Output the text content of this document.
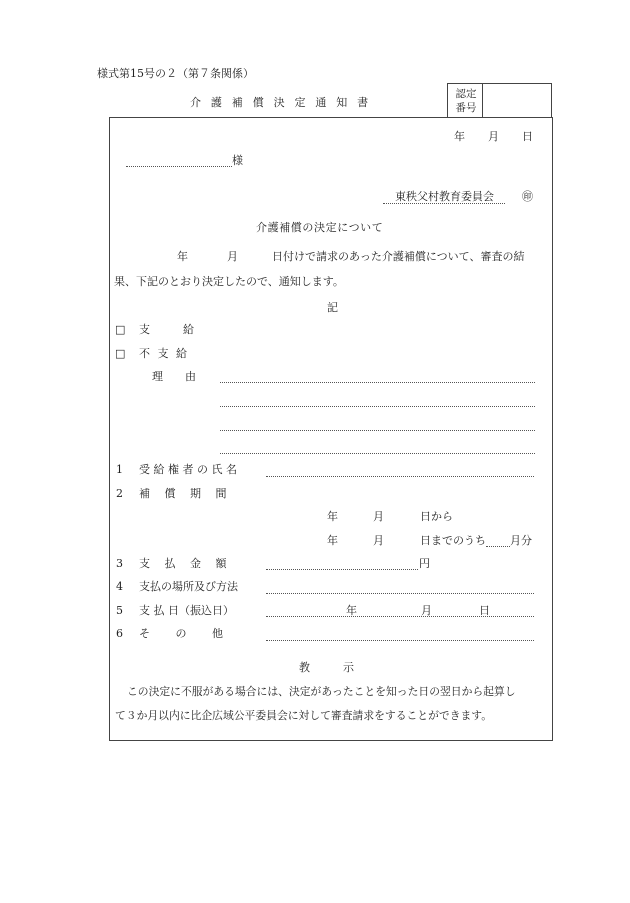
様式第15号の２（第７条関係）
介 護 補 償 決 定 通 知 書
認定
番号
年 月 日
様
東秩父村教育委員会	㊞
介護補償の決定について
年	月	日付けで請求のあった介護補償について、審査の結
果、下記のとおり決定したので、通知します。
記
□ 支　　　給
□ 不 支 給
理　　由
1 受 給 権 者 の 氏 名
2 補　 償　 期　 間
年	月	日から
年	月	日までのうち 月分
3 支　 払　 金　 額	円
4 支払の場所及び方法
5 支 払 日（振込日）	年	月	日
6 そ　　 の　　 他
教　　　示
この決定に不服がある場合には、決定があったことを知った日の翌日から起算し
て３か月以内に比企広域公平委員会に対して審査請求をすることができます。
